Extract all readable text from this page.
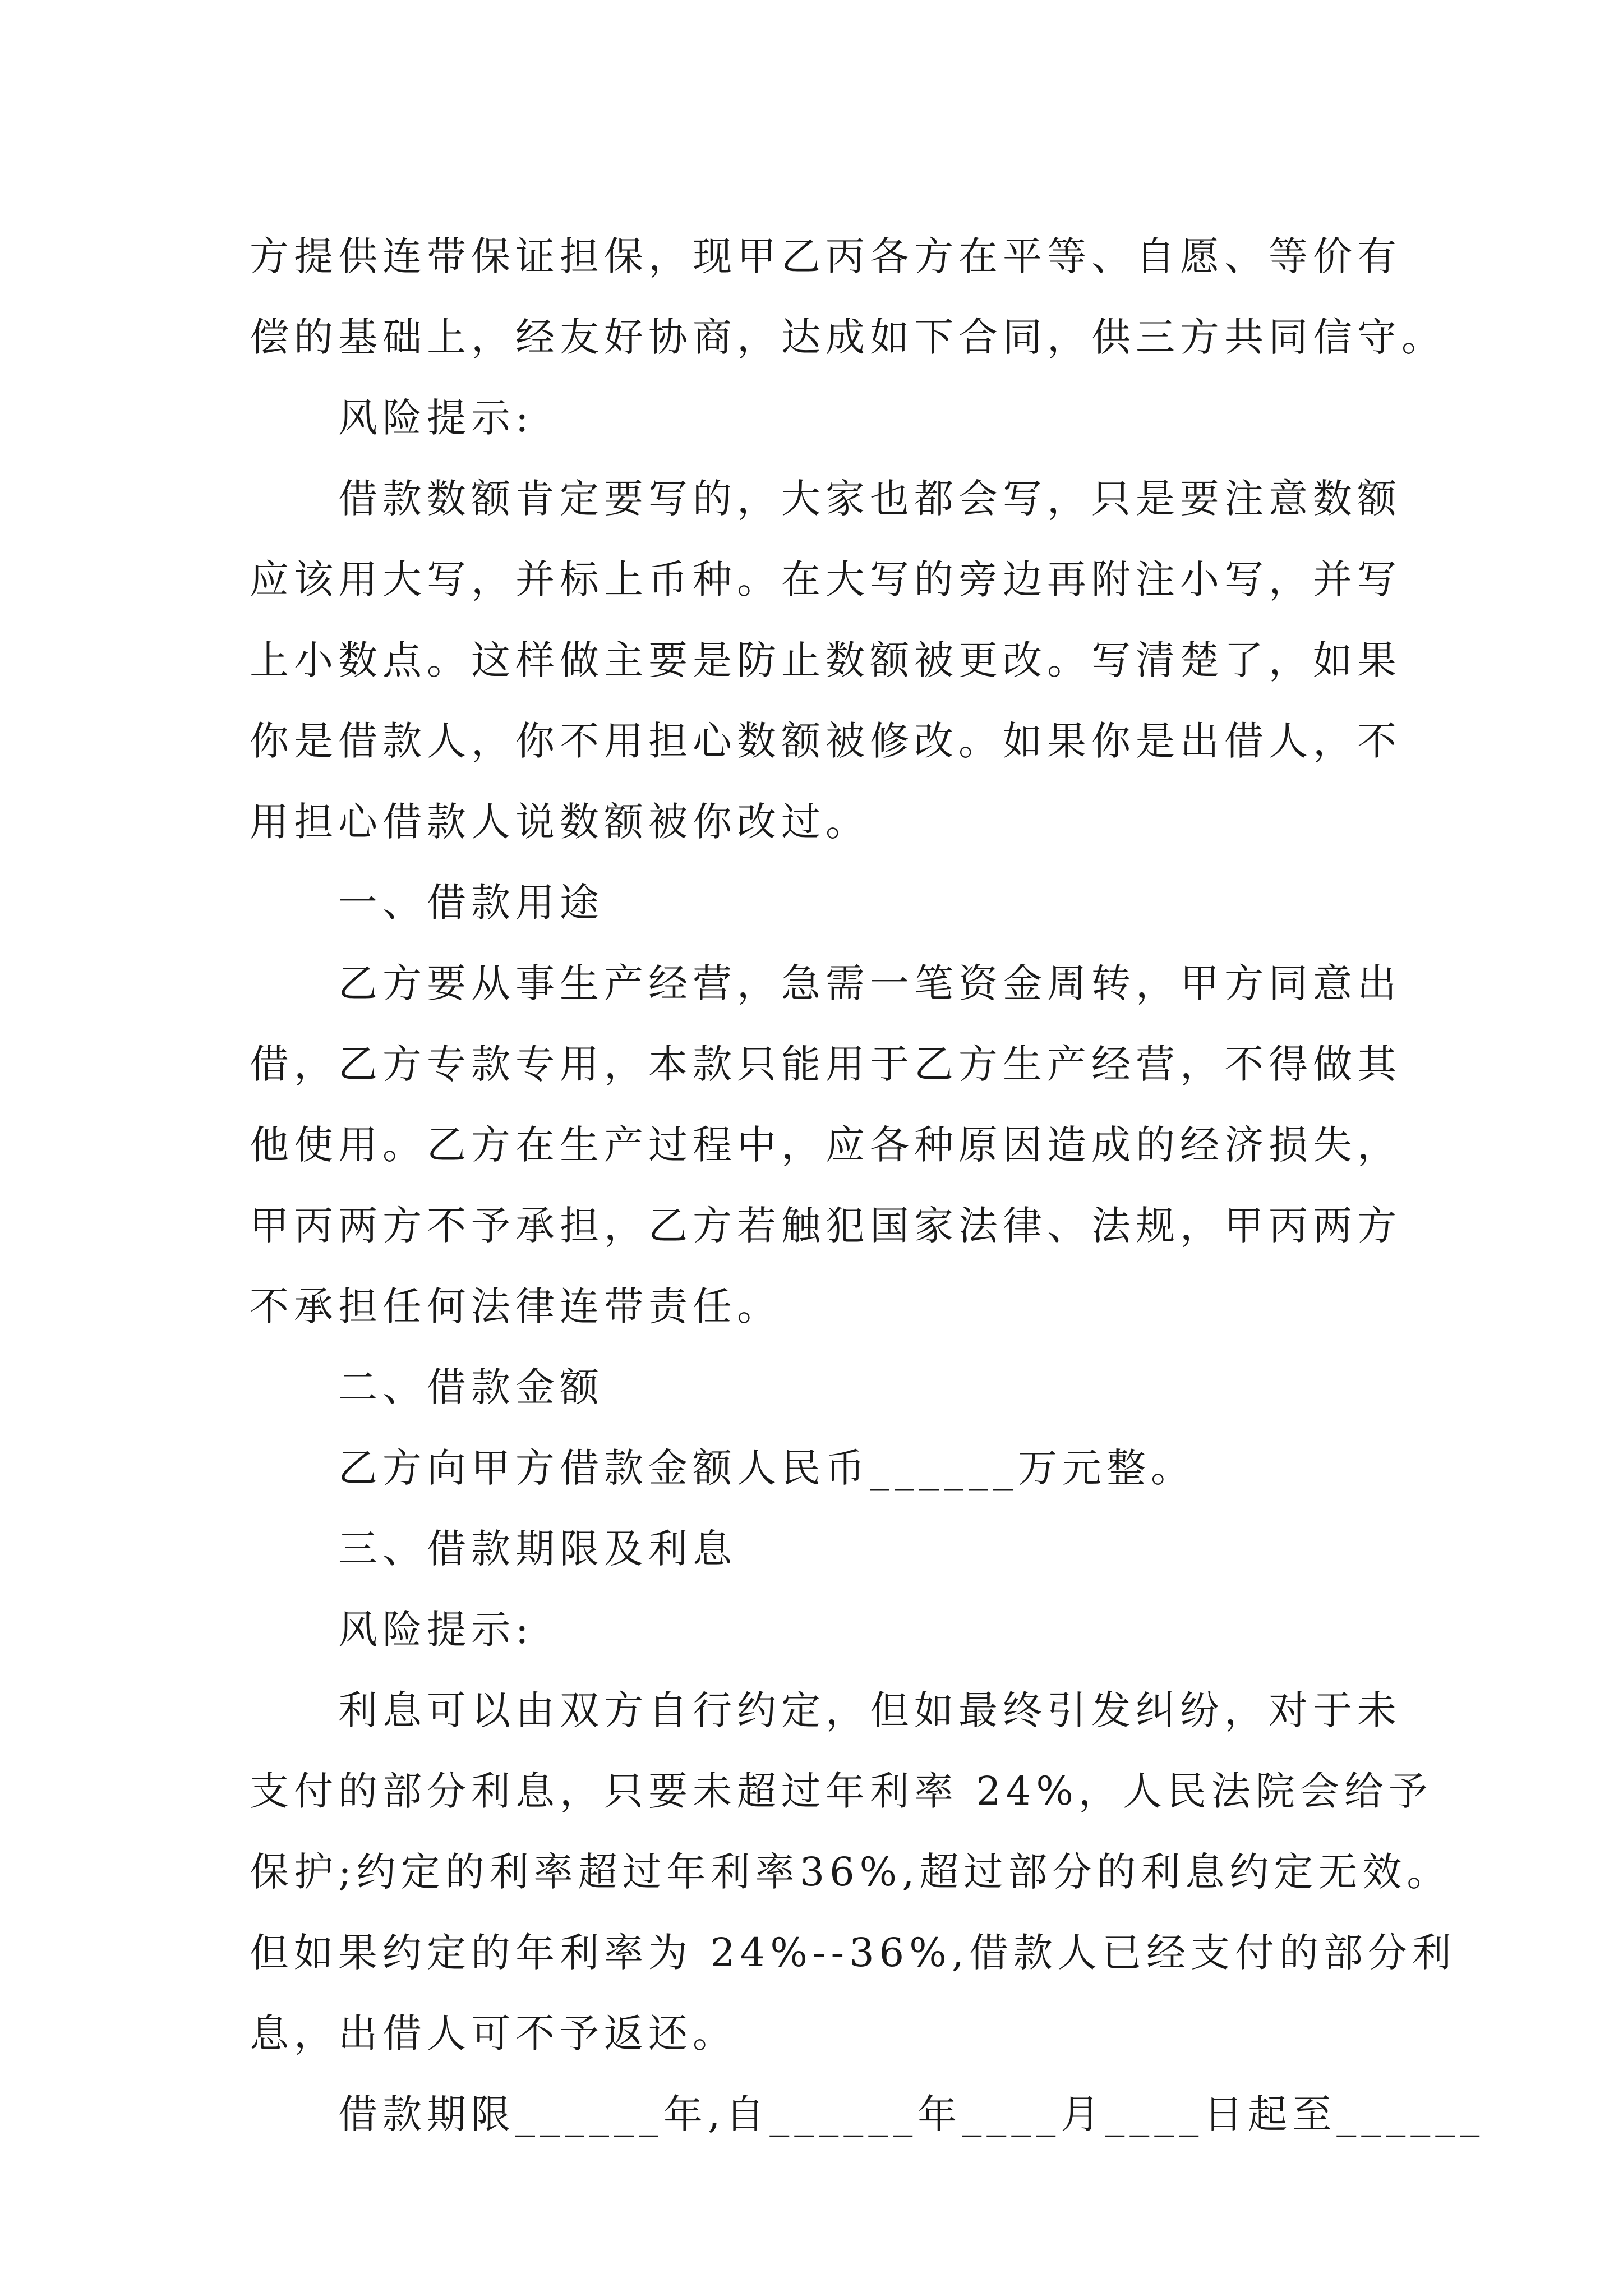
方提供连带保证担保，现甲乙丙各方在平等、自愿、等价有
偿的基础上，经友好协商，达成如下合同，供三方共同信守。
风险提示:
借款数额肯定要写的，大家也都会写，只是要注意数额
应该用大写，并标上币种。在大写的旁边再附注小写，并写
上小数点。这样做主要是防止数额被更改。写清楚了，如果
你是借款人，你不用担心数额被修改。如果你是出借人，不
用担心借款人说数额被你改过。
一、借款用途
乙方要从事生产经营，急需一笔资金周转，甲方同意出
借，乙方专款专用，本款只能用于乙方生产经营，不得做其
他使用。乙方在生产过程中，应各种原因造成的经济损失，
甲丙两方不予承担，乙方若触犯国家法律、法规，甲丙两方
不承担任何法律连带责任。
二、借款金额
乙方向甲方借款金额人民币______万元整。
三、借款期限及利息
风险提示:
利息可以由双方自行约定，但如最终引发纠纷，对于未
支付的部分利息，只要未超过年利率 24%，人民法院会给予
保护;约定的利率超过年利率36%,超过部分的利息约定无效。
但如果约定的年利率为 24%--36%,借款人已经支付的部分利
息，出借人可不予返还。
借款期限______年,自______年____月____日起至______
